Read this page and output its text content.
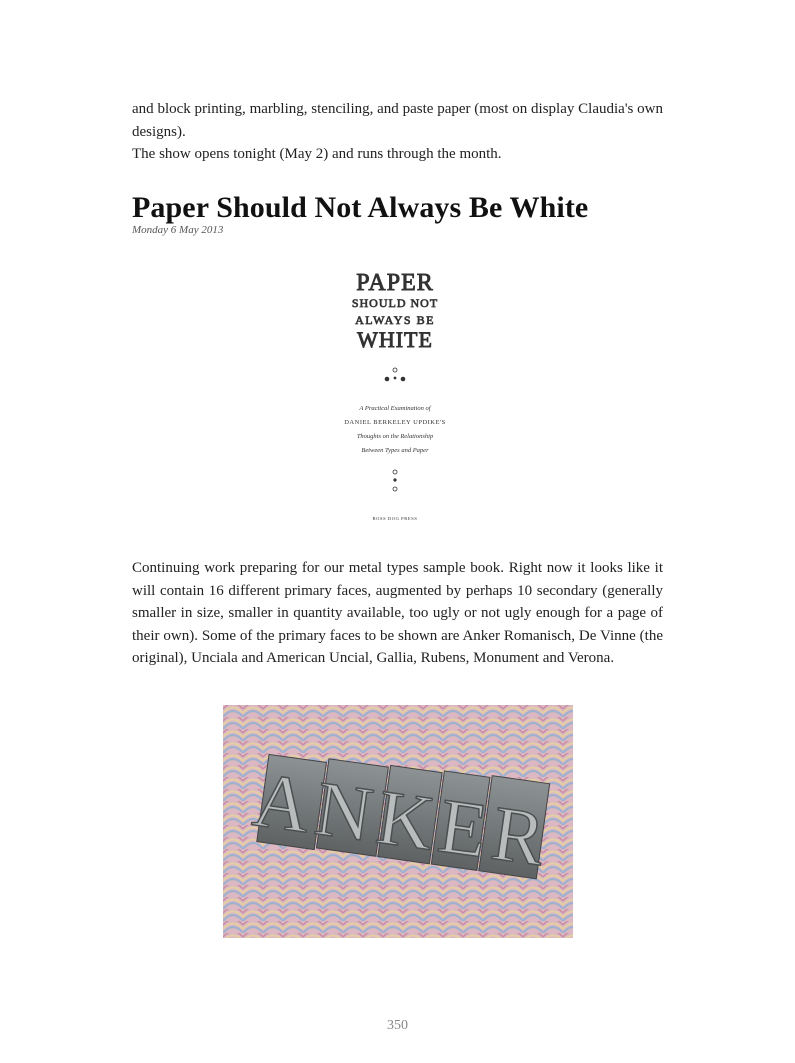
and block printing, marbling, stenciling, and paste paper (most on display Claudia's own designs).

The show opens tonight (May 2) and runs through the month.

Paper Should Not Always Be White

Monday 6 May 2013

PAPER
SHOULD NOT
ALWAYS BE
WHITE
A Practical Examination of
DANIEL BERKELEY UPDIKE'S
Thoughts on the Relationship
Between Types and Paper
BOSS DOG PRESS

Continuing work preparing for our metal types sample book. Right now it looks like it will contain 16 different primary faces, augmented by perhaps 10 secondary (generally smaller in size, smaller in quantity available, too ugly or not ugly enough for a page of their own). Some of the primary faces to be shown are Anker Romanisch, De Vinne (the original), Unciala and American Uncial, Gallia, Rubens, Monument and Verona.

ANKER
350
